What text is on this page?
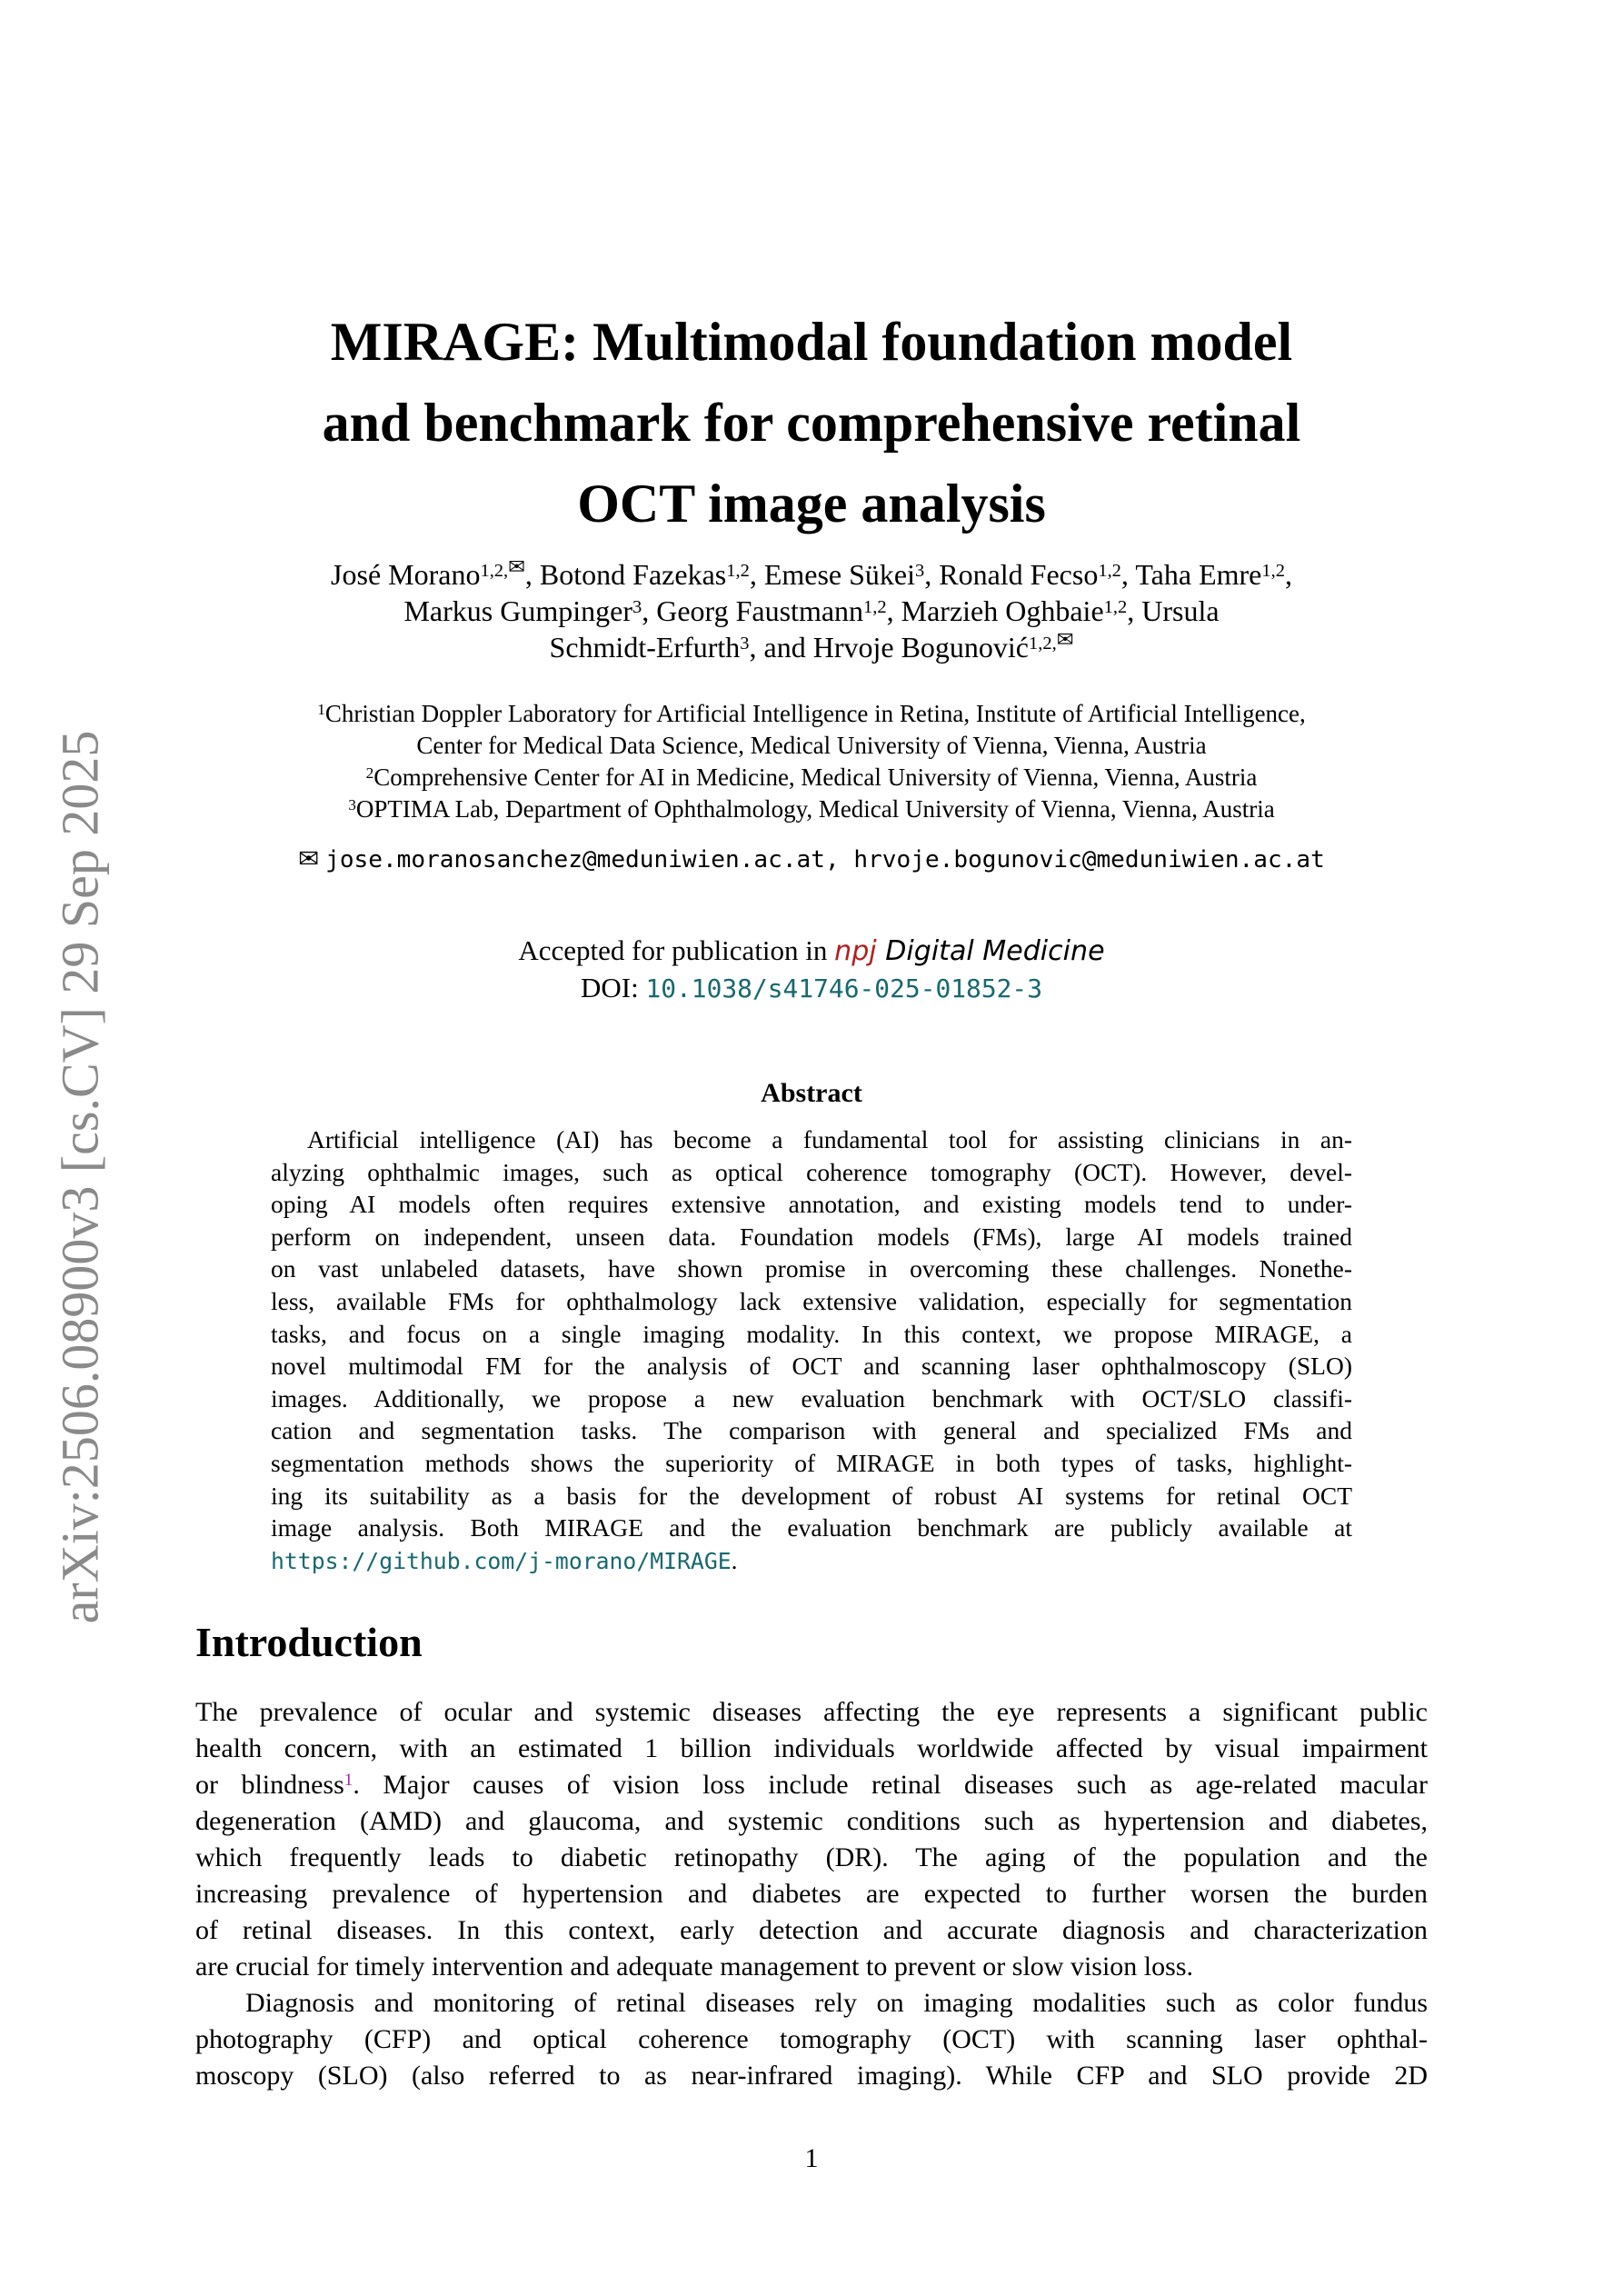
arXiv:2506.08900v3 [cs.CV] 29 Sep 2025
MIRAGE: Multimodal foundation model
and benchmark for comprehensive retinal
OCT image analysis
José Morano$^{1,2,✉}$, Botond Fazekas$^{1,2}$, Emese Sükei$^3$, Ronald Fecso$^{1,2}$, Taha Emre$^{1,2}$,
Markus Gumpinger$^3$, Georg Faustmann$^{1,2}$, Marzieh Oghbaie$^{1,2}$, Ursula
Schmidt-Erfurth$^3$, and Hrvoje Bogunović$^{1,2,✉}$
$^1$Christian Doppler Laboratory for Artificial Intelligence in Retina, Institute of Artificial Intelligence,
Center for Medical Data Science, Medical University of Vienna, Vienna, Austria
$^2$Comprehensive Center for AI in Medicine, Medical University of Vienna, Vienna, Austria
$^3$OPTIMA Lab, Department of Ophthalmology, Medical University of Vienna, Vienna, Austria
✉ jose.moranosanchez@meduniwien.ac.at, hrvoje.bogunovic@meduniwien.ac.at
Accepted for publication in npj Digital Medicine
DOI: 10.1038/s41746-025-01852-3
Abstract
Artificial intelligence (AI) has become a fundamental tool for assisting clinicians in an-
alyzing ophthalmic images, such as optical coherence tomography (OCT). However, devel-
oping AI models often requires extensive annotation, and existing models tend to under-
perform on independent, unseen data. Foundation models (FMs), large AI models trained
on vast unlabeled datasets, have shown promise in overcoming these challenges. Nonethe-
less, available FMs for ophthalmology lack extensive validation, especially for segmentation
tasks, and focus on a single imaging modality. In this context, we propose MIRAGE, a
novel multimodal FM for the analysis of OCT and scanning laser ophthalmoscopy (SLO)
images. Additionally, we propose a new evaluation benchmark with OCT/SLO classifi-
cation and segmentation tasks. The comparison with general and specialized FMs and
segmentation methods shows the superiority of MIRAGE in both types of tasks, highlight-
ing its suitability as a basis for the development of robust AI systems for retinal OCT
image analysis. Both MIRAGE and the evaluation benchmark are publicly available at
https://github.com/j-morano/MIRAGE.
Introduction
The prevalence of ocular and systemic diseases affecting the eye represents a significant public
health concern, with an estimated 1 billion individuals worldwide affected by visual impairment
or blindness$^1$. Major causes of vision loss include retinal diseases such as age-related macular
degeneration (AMD) and glaucoma, and systemic conditions such as hypertension and diabetes,
which frequently leads to diabetic retinopathy (DR). The aging of the population and the
increasing prevalence of hypertension and diabetes are expected to further worsen the burden
of retinal diseases. In this context, early detection and accurate diagnosis and characterization
are crucial for timely intervention and adequate management to prevent or slow vision loss.
Diagnosis and monitoring of retinal diseases rely on imaging modalities such as color fundus
photography (CFP) and optical coherence tomography (OCT) with scanning laser ophthal-
moscopy (SLO) (also referred to as near-infrared imaging). While CFP and SLO provide 2D
1
